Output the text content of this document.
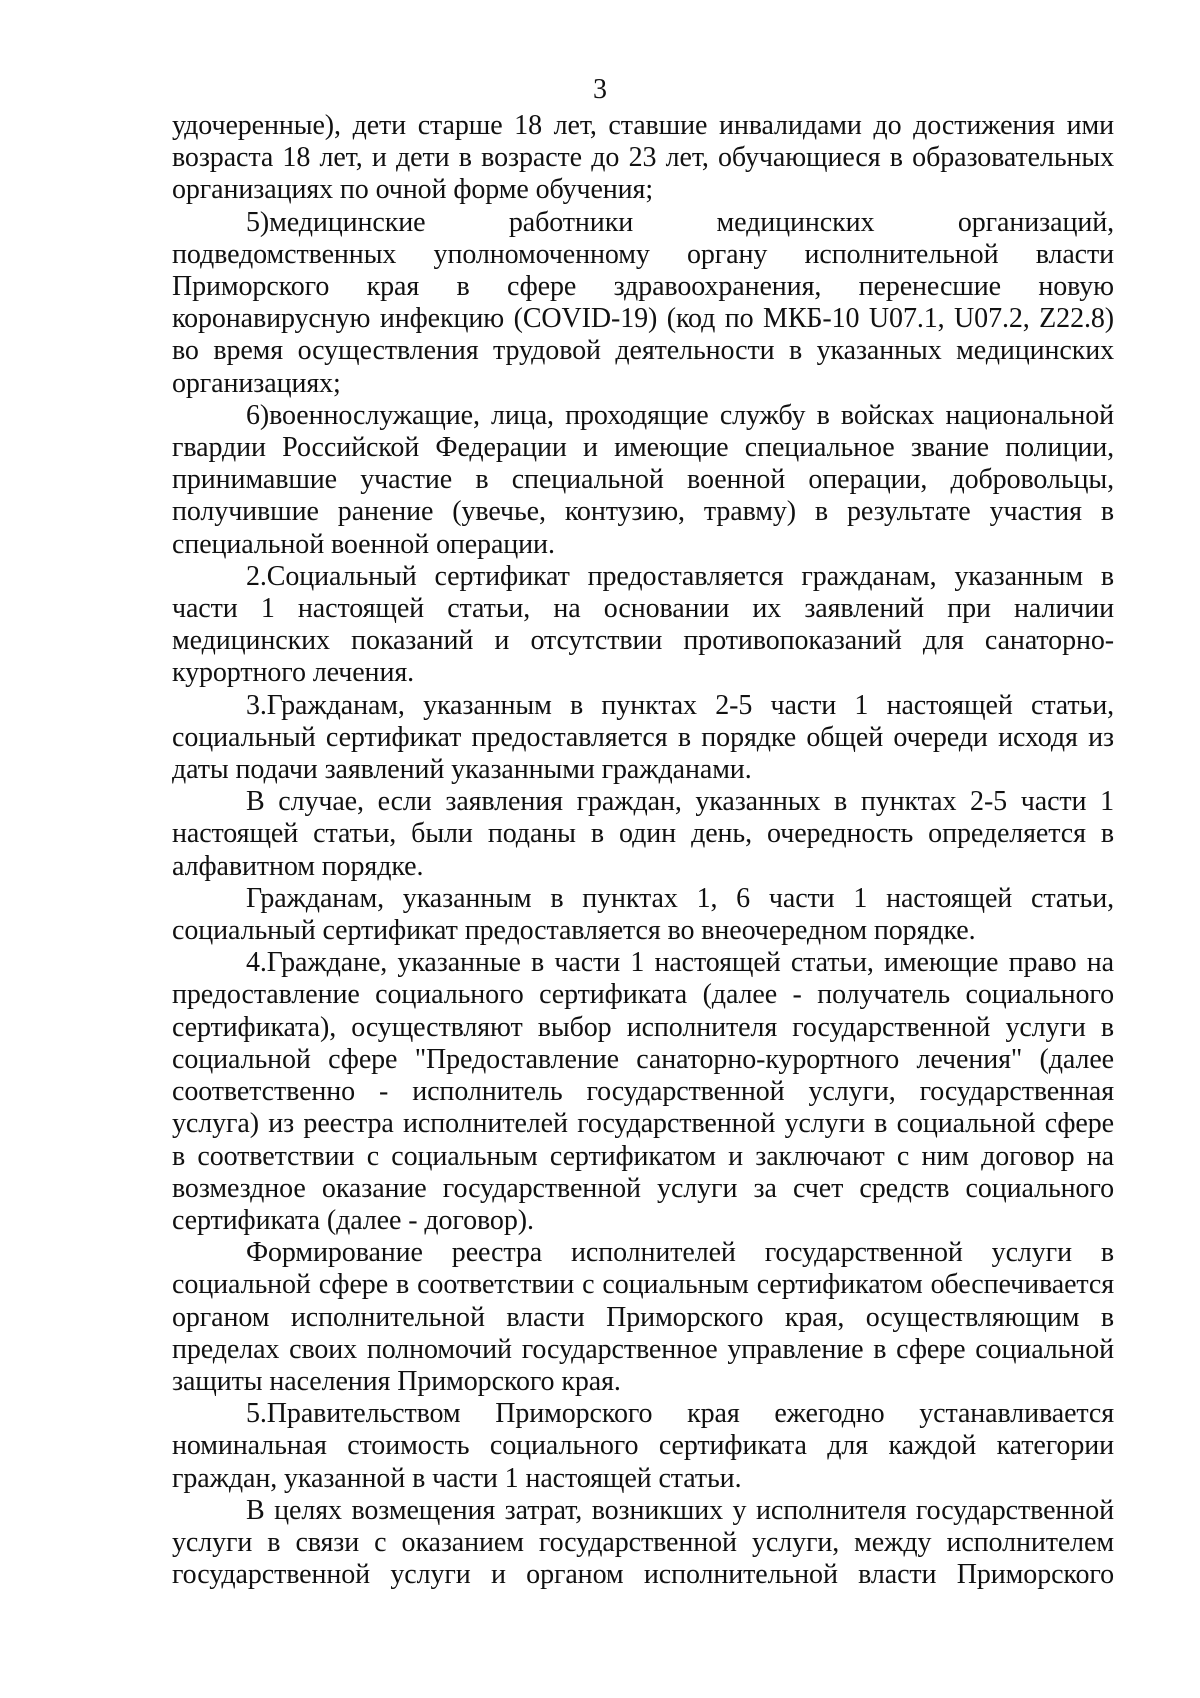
3

удочеренные), дети старше 18 лет, ставшие инвалидами до достижения ими возраста 18 лет, и дети в возрасте до 23 лет, обучающиеся в образовательных организациях по очной форме обучения;

5)медицинские работники медицинских организаций, подведомственных уполномоченному органу исполнительной власти Приморского края в сфере здравоохранения, перенесшие новую коронавирусную инфекцию (COVID-19) (код по МКБ-10 U07.1, U07.2, Z22.8) во время осуществления трудовой деятельности в указанных медицинских организациях;

6)военнослужащие, лица, проходящие службу в войсках национальной гвардии Российской Федерации и имеющие специальное звание полиции, принимавшие участие в специальной военной операции, добровольцы, получившие ранение (увечье, контузию, травму) в результате участия в специальной военной операции.

2.Социальный сертификат предоставляется гражданам, указанным в части 1 настоящей статьи, на основании их заявлений при наличии медицинских показаний и отсутствии противопоказаний для санаторно-курортного лечения.

3.Гражданам, указанным в пунктах 2-5 части 1 настоящей статьи, социальный сертификат предоставляется в порядке общей очереди исходя из даты подачи заявлений указанными гражданами.

В случае, если заявления граждан, указанных в пунктах 2-5 части 1 настоящей статьи, были поданы в один день, очередность определяется в алфавитном порядке.

Гражданам, указанным в пунктах 1, 6 части 1 настоящей статьи, социальный сертификат предоставляется во внеочередном порядке.

4.Граждане, указанные в части 1 настоящей статьи, имеющие право на предоставление социального сертификата (далее - получатель социального сертификата), осуществляют выбор исполнителя государственной услуги в социальной сфере "Предоставление санаторно-курортного лечения" (далее соответственно - исполнитель государственной услуги, государственная услуга) из реестра исполнителей государственной услуги в социальной сфере в соответствии с социальным сертификатом и заключают с ним договор на возмездное оказание государственной услуги за счет средств социального сертификата (далее - договор).

Формирование реестра исполнителей государственной услуги в социальной сфере в соответствии с социальным сертификатом обеспечивается органом исполнительной власти Приморского края, осуществляющим в пределах своих полномочий государственное управление в сфере социальной защиты населения Приморского края.

5.Правительством Приморского края ежегодно устанавливается номинальная стоимость социального сертификата для каждой категории граждан, указанной в части 1 настоящей статьи.

В целях возмещения затрат, возникших у исполнителя государственной услуги в связи с оказанием государственной услуги, между исполнителем государственной услуги и органом исполнительной власти Приморского
